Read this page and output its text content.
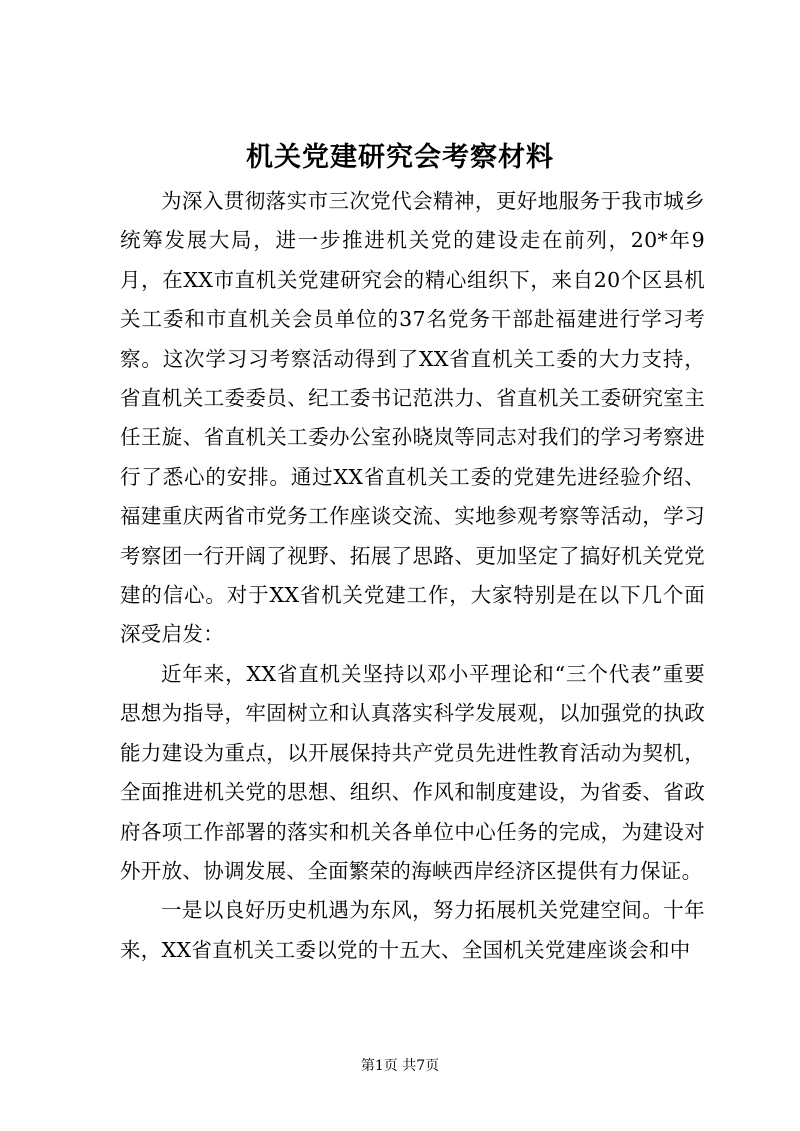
机关党建研究会考察材料

为深入贯彻落实市三次党代会精神，更好地服务于我市城乡统筹发展大局，进一步推进机关党的建设走在前列，20*年9月，在XX市直机关党建研究会的精心组织下，来自20个区县机关工委和市直机关会员单位的37名党务干部赴福建进行学习考察。这次学习习考察活动得到了XX省直机关工委的大力支持，省直机关工委委员、纪工委书记范洪力、省直机关工委研究室主任王旋、省直机关工委办公室孙晓岚等同志对我们的学习考察进行了悉心的安排。通过XX省直机关工委的党建先进经验介绍、福建重庆两省市党务工作座谈交流、实地参观考察等活动，学习考察团一行开阔了视野、拓展了思路、更加坚定了搞好机关党党建的信心。对于XX省机关党建工作，大家特别是在以下几个面深受启发：

近年来，XX省直机关坚持以邓小平理论和“三个代表”重要思想为指导，牢固树立和认真落实科学发展观，以加强党的执政能力建设为重点，以开展保持共产党员先进性教育活动为契机，全面推进机关党的思想、组织、作风和制度建设，为省委、省政府各项工作部署的落实和机关各单位中心任务的完成，为建设对外开放、协调发展、全面繁荣的海峡西岸经济区提供有力保证。

一是以良好历史机遇为东风，努力拓展机关党建空间。十年来，XX省直机关工委以党的十五大、全国机关党建座谈会和中

第1页 共7页
